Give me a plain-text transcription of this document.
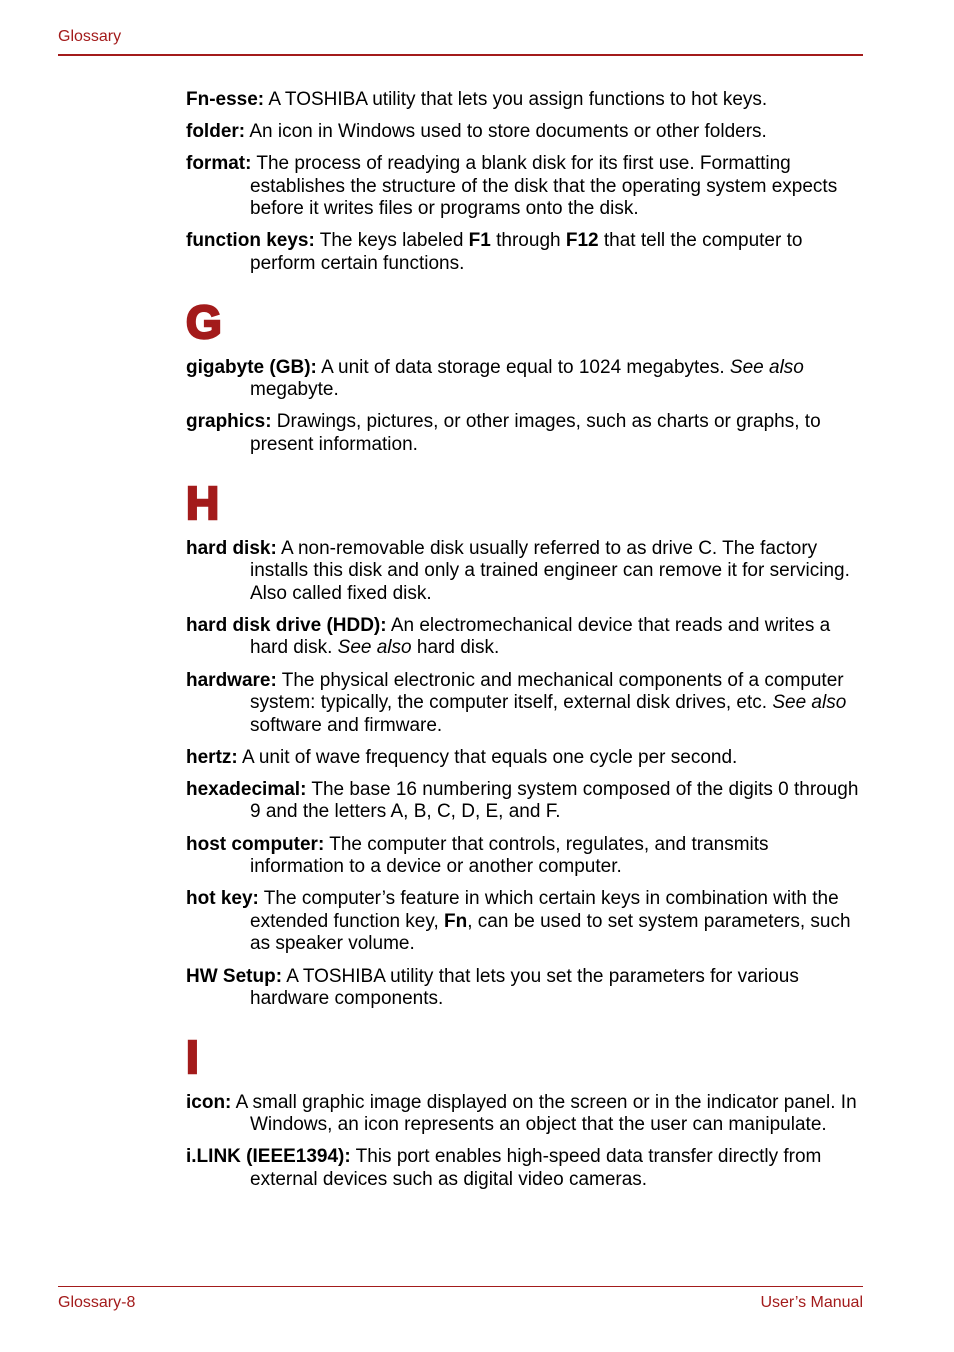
Glossary
Fn-esse: A TOSHIBA utility that lets you assign functions to hot keys.
folder: An icon in Windows used to store documents or other folders.
format: The process of readying a blank disk for its first use. Formatting establishes the structure of the disk that the operating system expects before it writes files or programs onto the disk.
function keys: The keys labeled F1 through F12 that tell the computer to perform certain functions.
G
gigabyte (GB): A unit of data storage equal to 1024 megabytes. See also megabyte.
graphics: Drawings, pictures, or other images, such as charts or graphs, to present information.
H
hard disk: A non-removable disk usually referred to as drive C. The factory installs this disk and only a trained engineer can remove it for servicing. Also called fixed disk.
hard disk drive (HDD): An electromechanical device that reads and writes a hard disk. See also hard disk.
hardware: The physical electronic and mechanical components of a computer system: typically, the computer itself, external disk drives, etc. See also software and firmware.
hertz: A unit of wave frequency that equals one cycle per second.
hexadecimal: The base 16 numbering system composed of the digits 0 through 9 and the letters A, B, C, D, E, and F.
host computer: The computer that controls, regulates, and transmits information to a device or another computer.
hot key: The computer’s feature in which certain keys in combination with the extended function key, Fn, can be used to set system parameters, such as speaker volume.
HW Setup: A TOSHIBA utility that lets you set the parameters for various hardware components.
I
icon: A small graphic image displayed on the screen or in the indicator panel. In Windows, an icon represents an object that the user can manipulate.
i.LINK (IEEE1394): This port enables high-speed data transfer directly from external devices such as digital video cameras.
Glossary-8	User’s Manual
